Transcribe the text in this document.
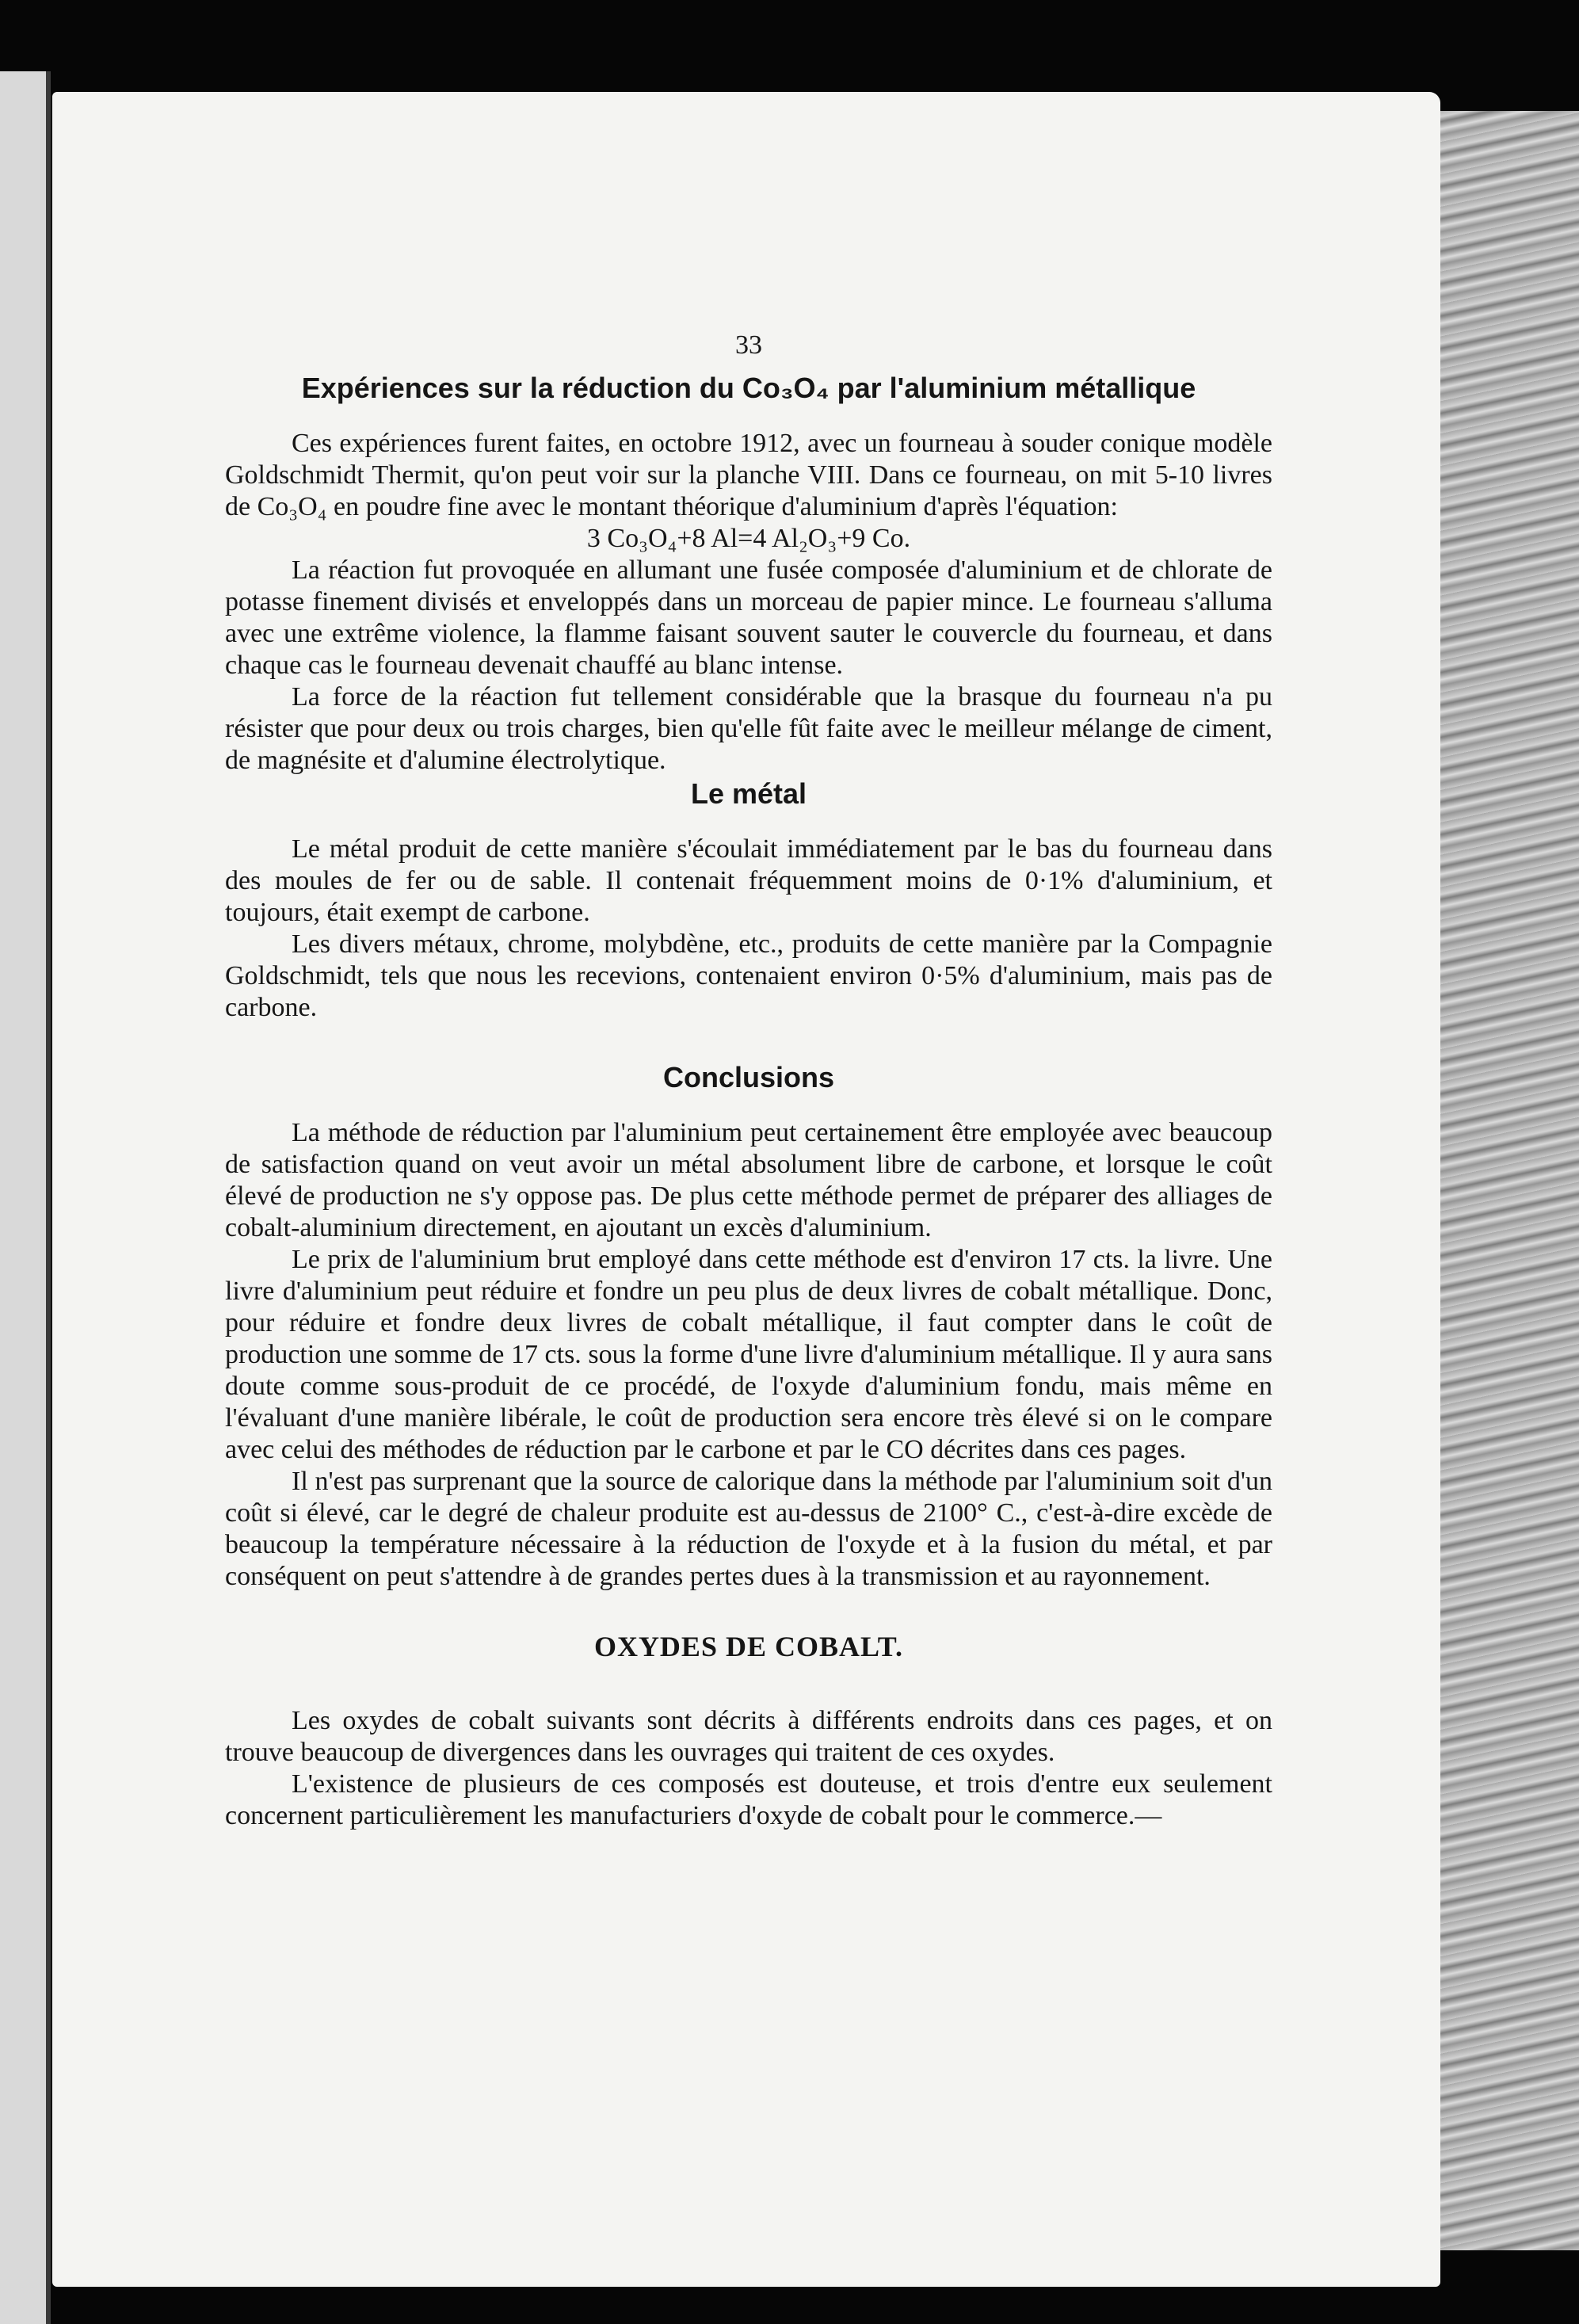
33
Expériences sur la réduction du Co₃O₄ par l'aluminium métallique

Ces expériences furent faites, en octobre 1912, avec un fourneau à souder conique modèle Goldschmidt Thermit, qu'on peut voir sur la planche VIII. Dans ce fourneau, on mit 5-10 livres de Co₃O₄ en poudre fine avec le montant théorique d'aluminium d'après l'équation:

3 Co₃O₄+8 Al=4 Al₂O₃+9 Co.

La réaction fut provoquée en allumant une fusée composée d'aluminium et de chlorate de potasse finement divisés et enveloppés dans un morceau de papier mince. Le fourneau s'alluma avec une extrême violence, la flamme faisant souvent sauter le couvercle du fourneau, et dans chaque cas le fourneau devenait chauffé au blanc intense.

La force de la réaction fut tellement considérable que la brasque du fourneau n'a pu résister que pour deux ou trois charges, bien qu'elle fût faite avec le meilleur mélange de ciment, de magnésite et d'alumine électrolytique.

Le métal

Le métal produit de cette manière s'écoulait immédiatement par le bas du fourneau dans des moules de fer ou de sable. Il contenait fréquemment moins de 0·1% d'aluminium, et toujours, était exempt de carbone.

Les divers métaux, chrome, molybdène, etc., produits de cette manière par la Compagnie Goldschmidt, tels que nous les recevions, contenaient environ 0·5% d'aluminium, mais pas de carbone.

Conclusions

La méthode de réduction par l'aluminium peut certainement être employée avec beaucoup de satisfaction quand on veut avoir un métal absolument libre de carbone, et lorsque le coût élevé de production ne s'y oppose pas. De plus cette méthode permet de préparer des alliages de cobalt-aluminium directement, en ajoutant un excès d'aluminium.

Le prix de l'aluminium brut employé dans cette méthode est d'environ 17 cts. la livre. Une livre d'aluminium peut réduire et fondre un peu plus de deux livres de cobalt métallique. Donc, pour réduire et fondre deux livres de cobalt métallique, il faut compter dans le coût de production une somme de 17 cts. sous la forme d'une livre d'aluminium métallique. Il y aura sans doute comme sous-produit de ce procédé, de l'oxyde d'aluminium fondu, mais même en l'évaluant d'une manière libérale, le coût de production sera encore très élevé si on le compare avec celui des méthodes de réduction par le carbone et par le CO décrites dans ces pages.

Il n'est pas surprenant que la source de calorique dans la méthode par l'aluminium soit d'un coût si élevé, car le degré de chaleur produite est au-dessus de 2100° C., c'est-à-dire excède de beaucoup la température nécessaire à la réduction de l'oxyde et à la fusion du métal, et par conséquent on peut s'attendre à de grandes pertes dues à la transmission et au rayonnement.

OXYDES DE COBALT.

Les oxydes de cobalt suivants sont décrits à différents endroits dans ces pages, et on trouve beaucoup de divergences dans les ouvrages qui traitent de ces oxydes.

L'existence de plusieurs de ces composés est douteuse, et trois d'entre eux seulement concernent particulièrement les manufacturiers d'oxyde de cobalt pour le commerce.—
